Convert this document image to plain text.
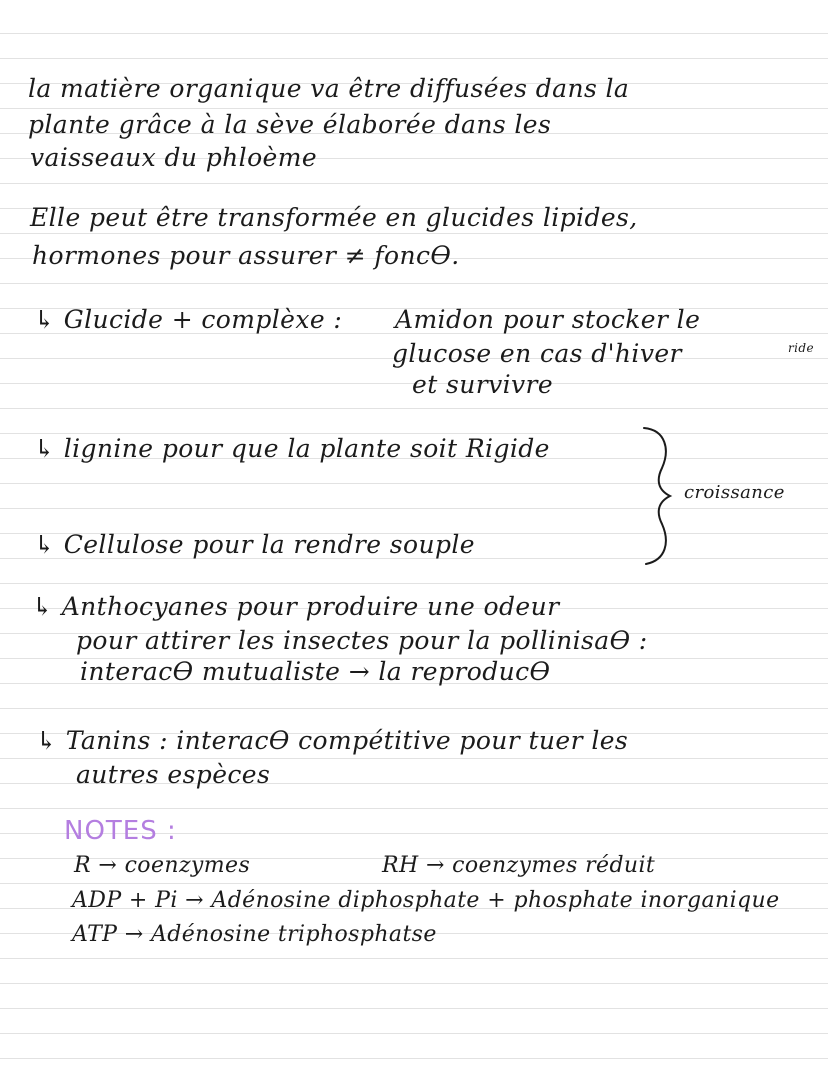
la matière organique va être diffusées dans la
plante grâce à la sève élaborée dans les
vaisseaux du phloème
Elle peut être transformée en glucides lipides,
hormones pour assurer ≠ foncƟ.
↳ Glucide + complèxe : Amidon pour stocker le
glucose en cas d'hiver	ride
et survivre
↳ lignine pour que la plante soit Rigide
croissance
↳ Cellulose pour la rendre souple
↳ Anthocyanes pour produire une odeur
pour attirer les insectes pour la pollinisaƟ :
interacƟ mutualiste → la reproducƟ
↳ Tanins : interacƟ compétitive pour tuer les
autres espèces
NOTES :
R → coenzymes	RH → coenzymes réduit
ADP + Pi → Adénosine diphosphate + phosphate inorganique
ATP → Adénosine triphosphatse
